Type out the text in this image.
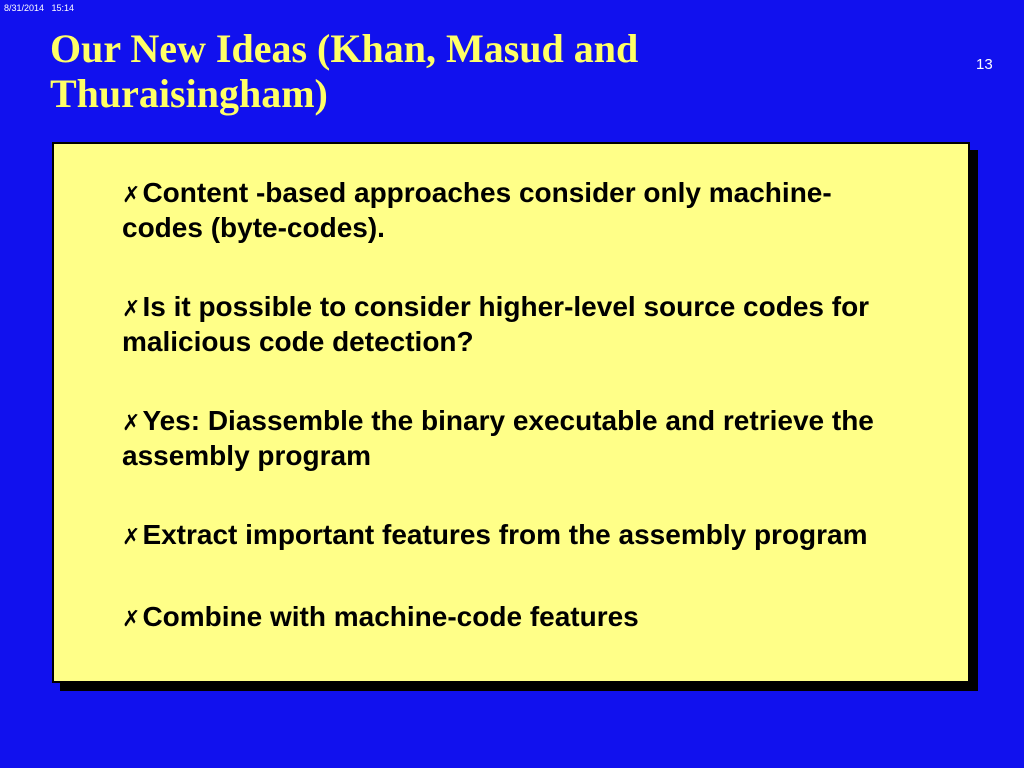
8/31/2014   15:14
Our New Ideas (Khan, Masud and Thuraisingham)
13
✗Content -based approaches consider only machine-codes (byte-codes).
✗Is it possible to consider higher-level source codes for malicious code detection?
✗Yes: Diassemble the binary executable and retrieve the assembly program
✗Extract important features from the assembly program
✗Combine with machine-code features
